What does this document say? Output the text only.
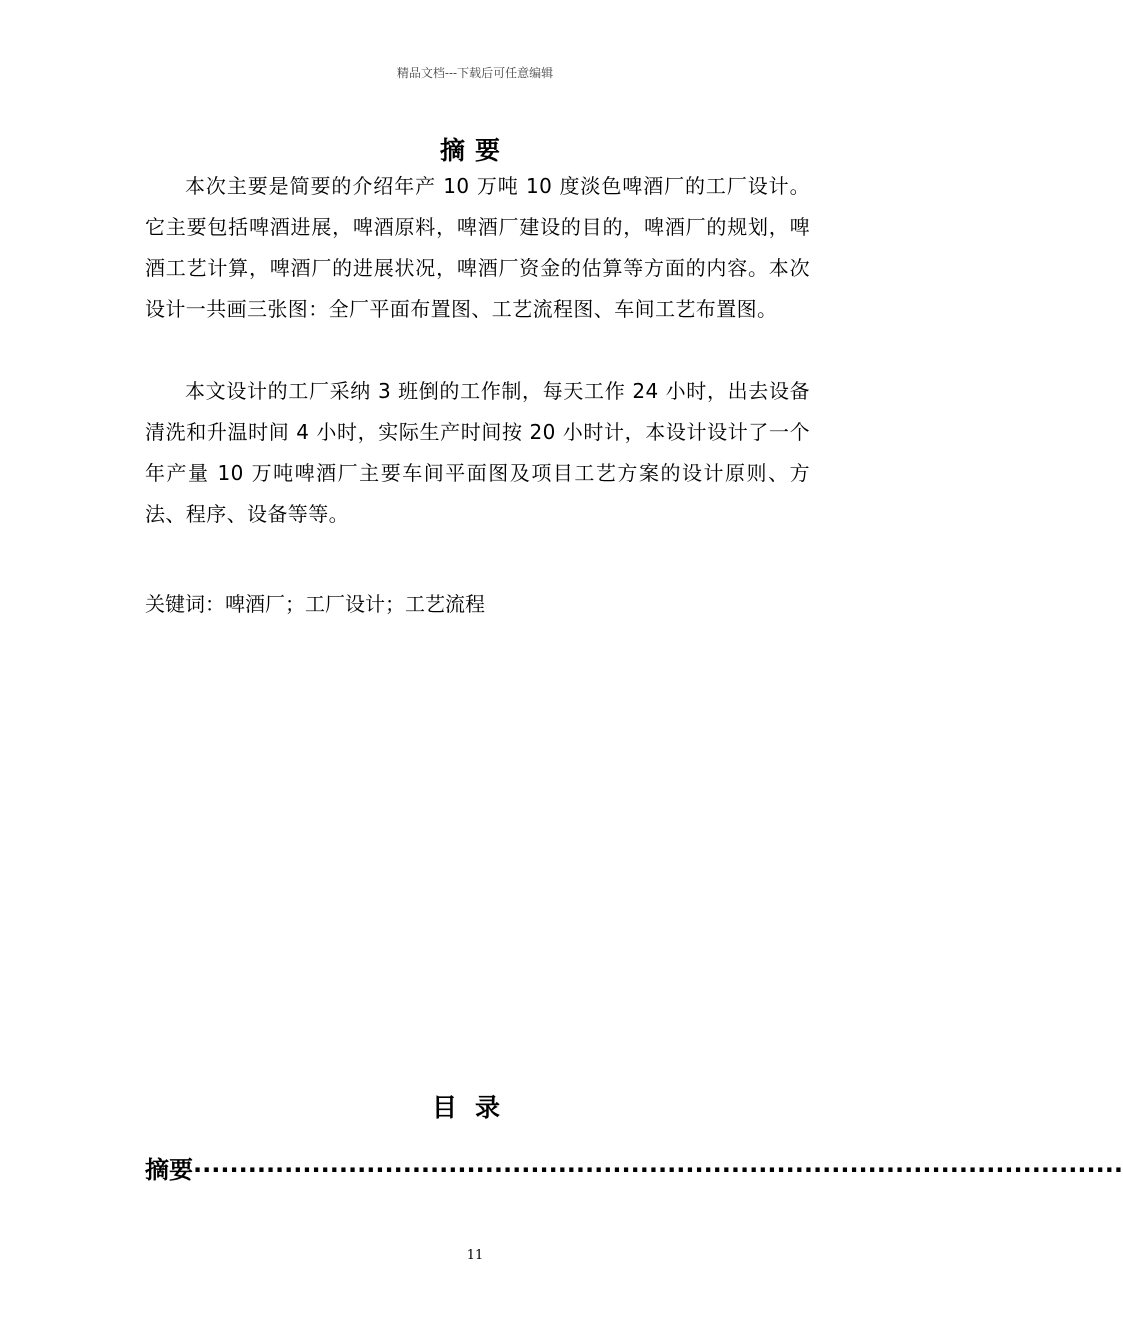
精品文档---下载后可任意编辑
摘要

本次主要是简要的介绍年产 10 万吨 10 度淡色啤酒厂的工厂设计。它主要包括啤酒进展，啤酒原料，啤酒厂建设的目的，啤酒厂的规划，啤酒工艺计算，啤酒厂的进展状况，啤酒厂资金的估算等方面的内容。本次设计一共画三张图：全厂平面布置图、工艺流程图、车间工艺布置图。

本文设计的工厂采纳 3 班倒的工作制，每天工作 24 小时，出去设备清洗和升温时间 4 小时，实际生产时间按 20 小时计，本设计设计了一个年产量 10 万吨啤酒厂主要车间平面图及项目工艺方案的设计原则、方法、程序、设备等等。

关键词：啤酒厂；工厂设计；工艺流程
目录
摘要 ······································································································
11
